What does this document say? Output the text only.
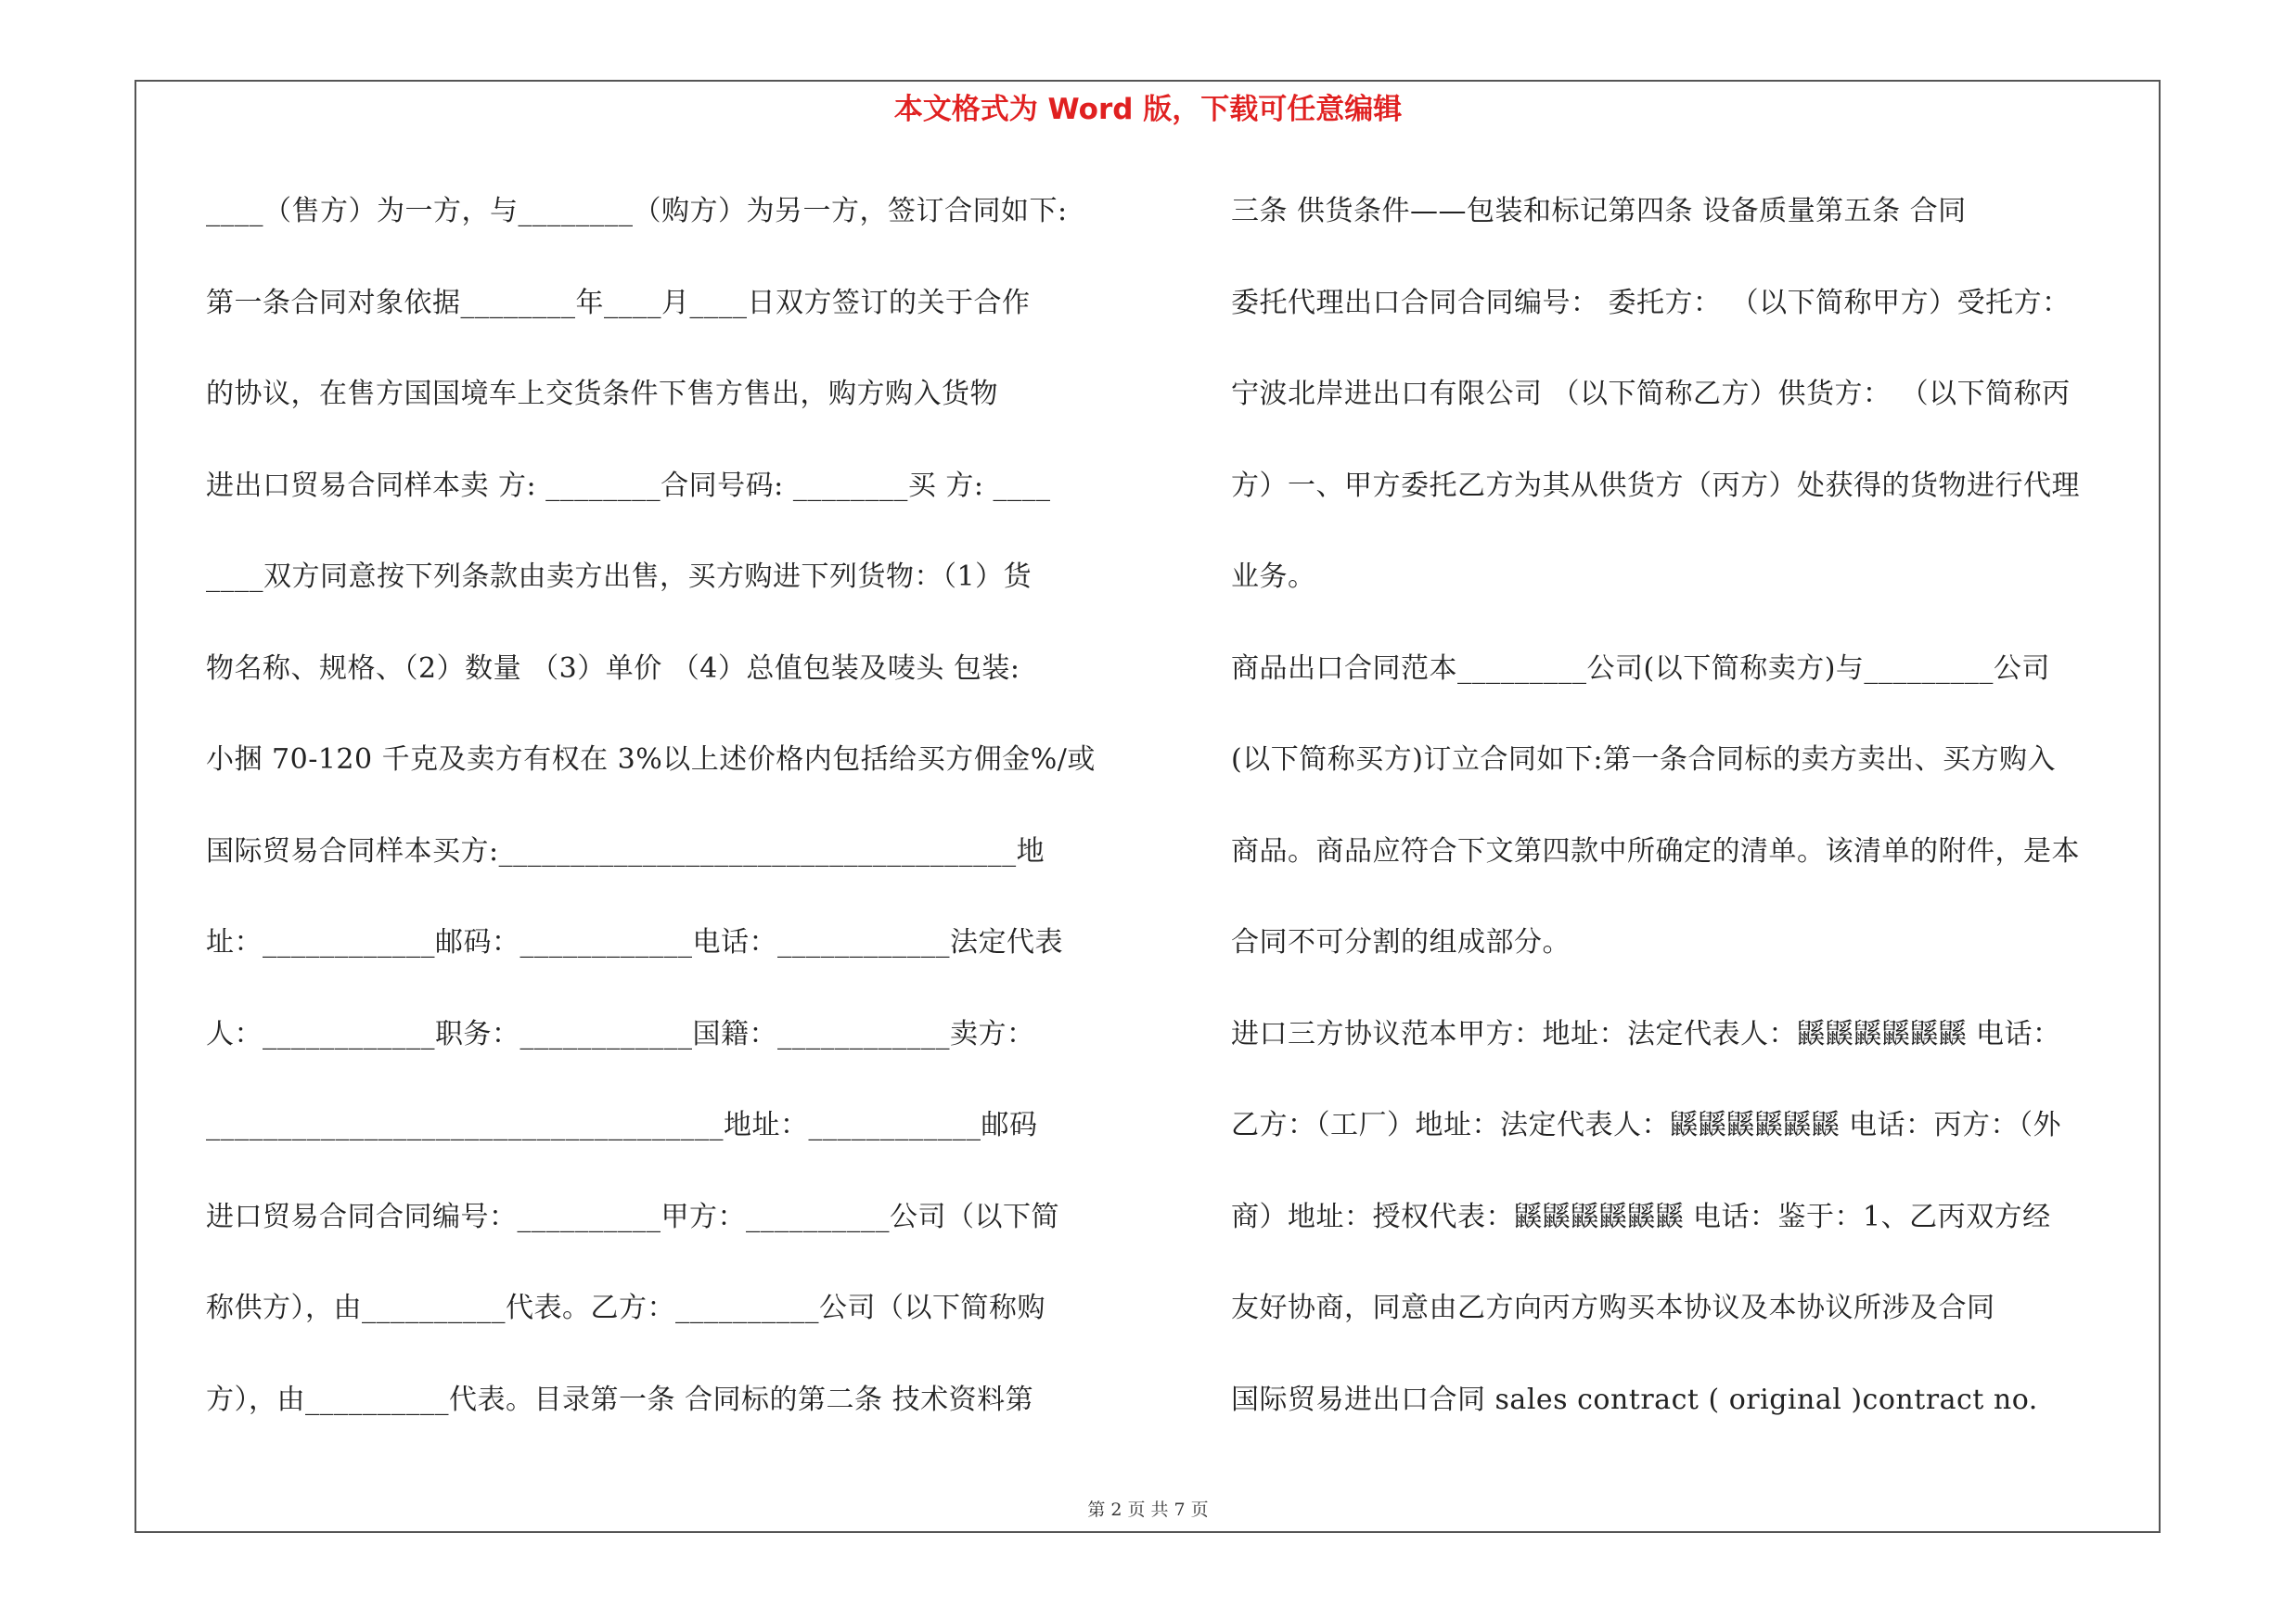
本文格式为 Word 版，下载可任意编辑
____（售方）为一方，与________（购方）为另一方，签订合同如下:
第一条合同对象依据________年____月____日双方签订的关于合作
的协议，在售方国国境车上交货条件下售方售出，购方购入货物
进出口贸易合同样本卖 方: ________合同号码: ________买 方: ____
____双方同意按下列条款由卖方出售，买方购进下列货物：（1）货
物名称、规格、（2）数量 （3）单价 （4）总值包装及唛头 包装:
小捆 70-120 千克及卖方有权在 3%以上述价格内包括给买方佣金%/或
国际贸易合同样本买方:____________________________________地
址：____________邮码：____________电话：____________法定代表
人：____________职务：____________国籍：____________卖方：
____________________________________地址：____________邮码
进口贸易合同合同编号：__________甲方：__________公司（以下简
称供方），由__________代表。乙方：__________公司（以下简称购
方），由__________代表。目录第一条 合同标的第二条 技术资料第
三条 供货条件——包装和标记第四条 设备质量第五条 合同
委托代理出口合同合同编号： 委托方： （以下简称甲方）受托方：
宁波北岸进出口有限公司 （以下简称乙方）供货方： （以下简称丙
方）一、甲方委托乙方为其从供货方（丙方）处获得的货物进行代理
业务。
商品出口合同范本_________公司(以下简称卖方)与_________公司
(以下简称买方)订立合同如下:第一条合同标的卖方卖出、买方购入
商品。商品应符合下文第四款中所确定的清单。该清单的附件，是本
合同不可分割的组成部分。
进口三方协议范本甲方：地址：法定代表人：鼷鼷鼷鼷鼷鼷 电话：
乙方：（工厂）地址：法定代表人：鼷鼷鼷鼷鼷鼷 电话：丙方：（外
商）地址：授权代表：鼷鼷鼷鼷鼷鼷 电话：鉴于：1、乙丙双方经
友好协商，同意由乙方向丙方购买本协议及本协议所涉及合同
国际贸易进出口合同 sales contract ( original )contract no.
第 2 页 共 7 页
